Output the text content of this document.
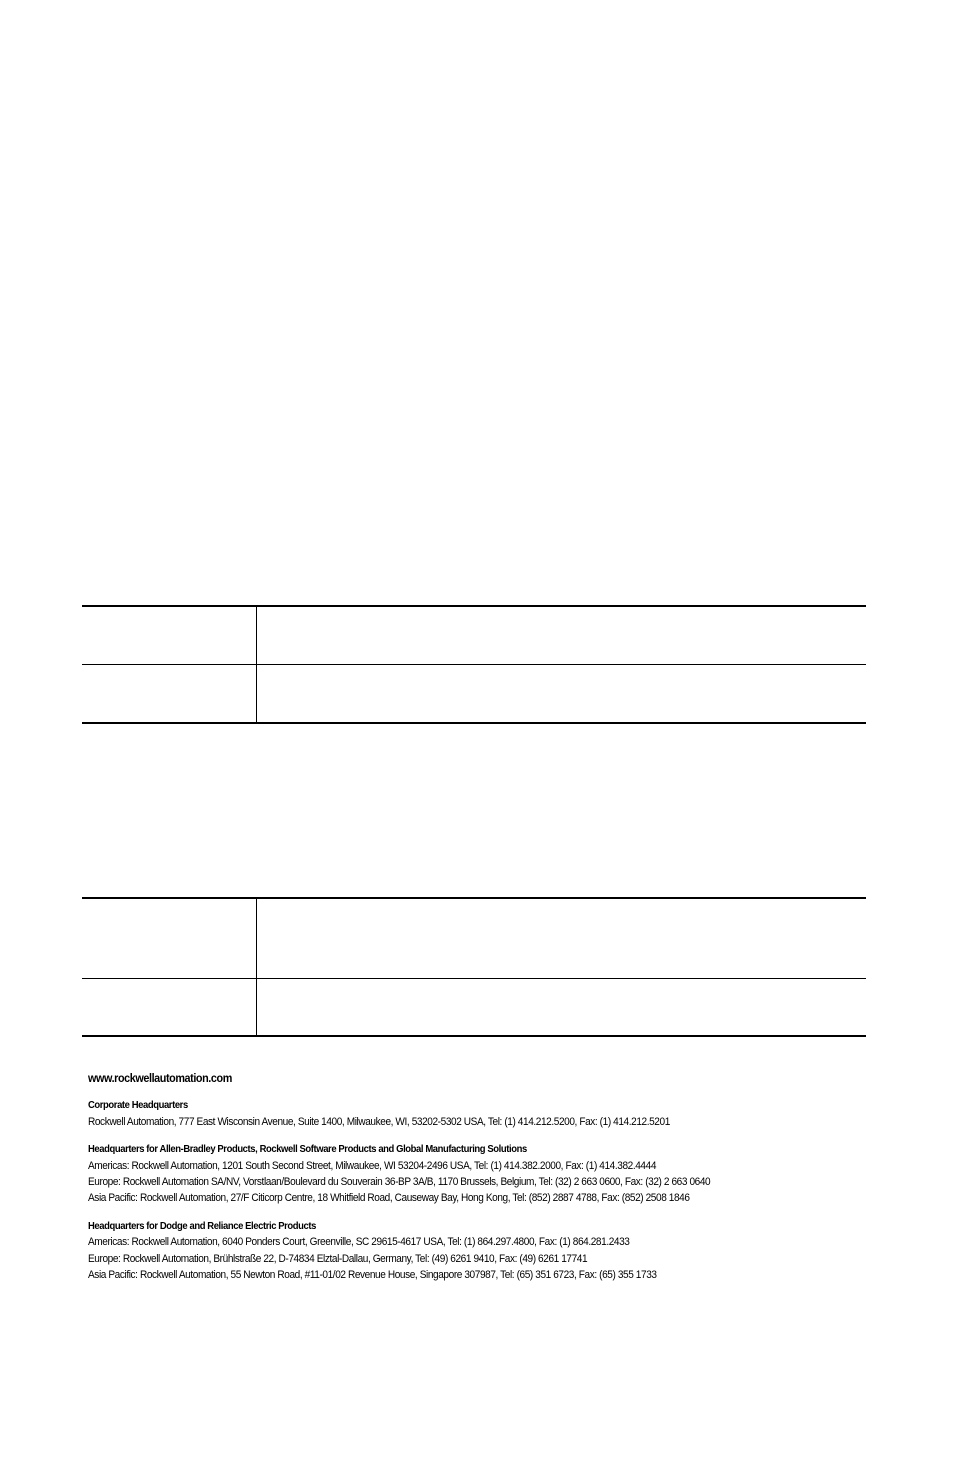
www.rockwellautomation.com
Corporate Headquarters
Rockwell Automation, 777 East Wisconsin Avenue, Suite 1400, Milwaukee, WI, 53202-5302 USA, Tel: (1) 414.212.5200, Fax: (1) 414.212.5201
Headquarters for Allen-Bradley Products, Rockwell Software Products and Global Manufacturing Solutions
Americas: Rockwell Automation, 1201 South Second Street, Milwaukee, WI 53204-2496 USA, Tel: (1) 414.382.2000, Fax: (1) 414.382.4444
Europe: Rockwell Automation SA/NV, Vorstlaan/Boulevard du Souverain 36-BP 3A/B, 1170 Brussels, Belgium, Tel: (32) 2 663 0600, Fax: (32) 2 663 0640
Asia Pacific: Rockwell Automation, 27/F Citicorp Centre, 18 Whitfield Road, Causeway Bay, Hong Kong, Tel: (852) 2887 4788, Fax: (852) 2508 1846
Headquarters for Dodge and Reliance Electric Products
Americas: Rockwell Automation, 6040 Ponders Court, Greenville, SC 29615-4617 USA, Tel: (1) 864.297.4800, Fax: (1) 864.281.2433
Europe: Rockwell Automation, Brühlstraße 22, D-74834 Elztal-Dallau, Germany, Tel: (49) 6261 9410, Fax: (49) 6261 17741
Asia Pacific: Rockwell Automation, 55 Newton Road, #11-01/02 Revenue House, Singapore 307987, Tel: (65) 351 6723, Fax: (65) 355 1733
